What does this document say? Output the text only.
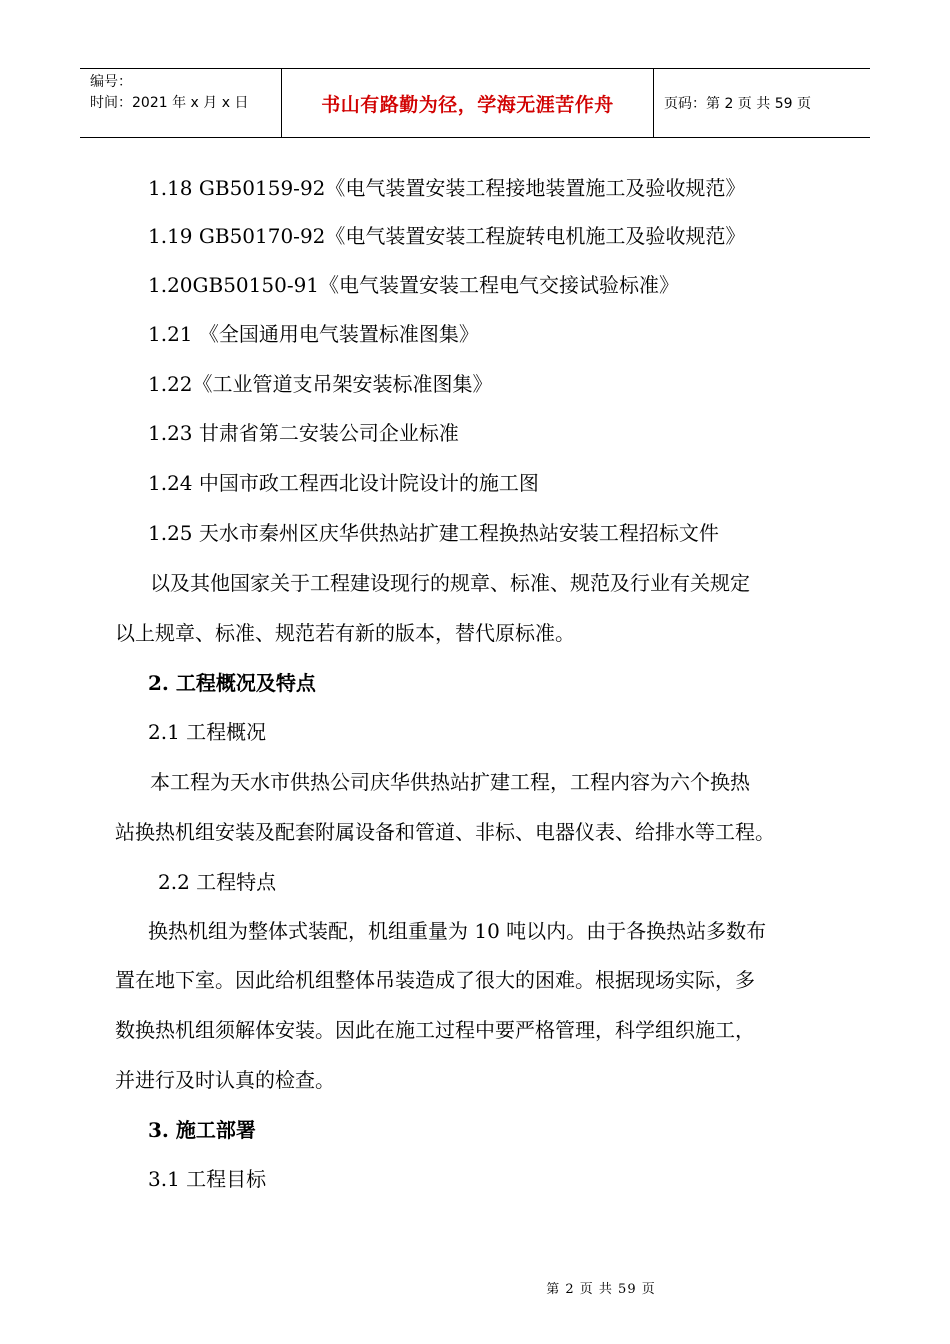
编号：
时间：2021 年 x 月 x 日	书山有路勤为径，学海无涯苦作舟	页码：第 2 页 共 59 页
1.18 GB50159-92《电气装置安装工程接地装置施工及验收规范》
1.19 GB50170-92《电气装置安装工程旋转电机施工及验收规范》
1.20GB50150-91《电气装置安装工程电气交接试验标准》
1.21 《全国通用电气装置标准图集》
1.22《工业管道支吊架安装标准图集》
1.23 甘肃省第二安装公司企业标准
1.24 中国市政工程西北设计院设计的施工图
1.25 天水市秦州区庆华供热站扩建工程换热站安装工程招标文件
以及其他国家关于工程建设现行的规章、标准、规范及行业有关规定
以上规章、标准、规范若有新的版本，替代原标准。
2. 工程概况及特点
2.1 工程概况
本工程为天水市供热公司庆华供热站扩建工程，工程内容为六个换热
站换热机组安装及配套附属设备和管道、非标、电器仪表、给排水等工程。
2.2 工程特点
换热机组为整体式装配，机组重量为 10 吨以内。由于各换热站多数布
置在地下室。因此给机组整体吊装造成了很大的困难。根据现场实际，多
数换热机组须解体安装。因此在施工过程中要严格管理，科学组织施工，
并进行及时认真的检查。
3. 施工部署
3.1 工程目标
第 2 页 共 59 页
